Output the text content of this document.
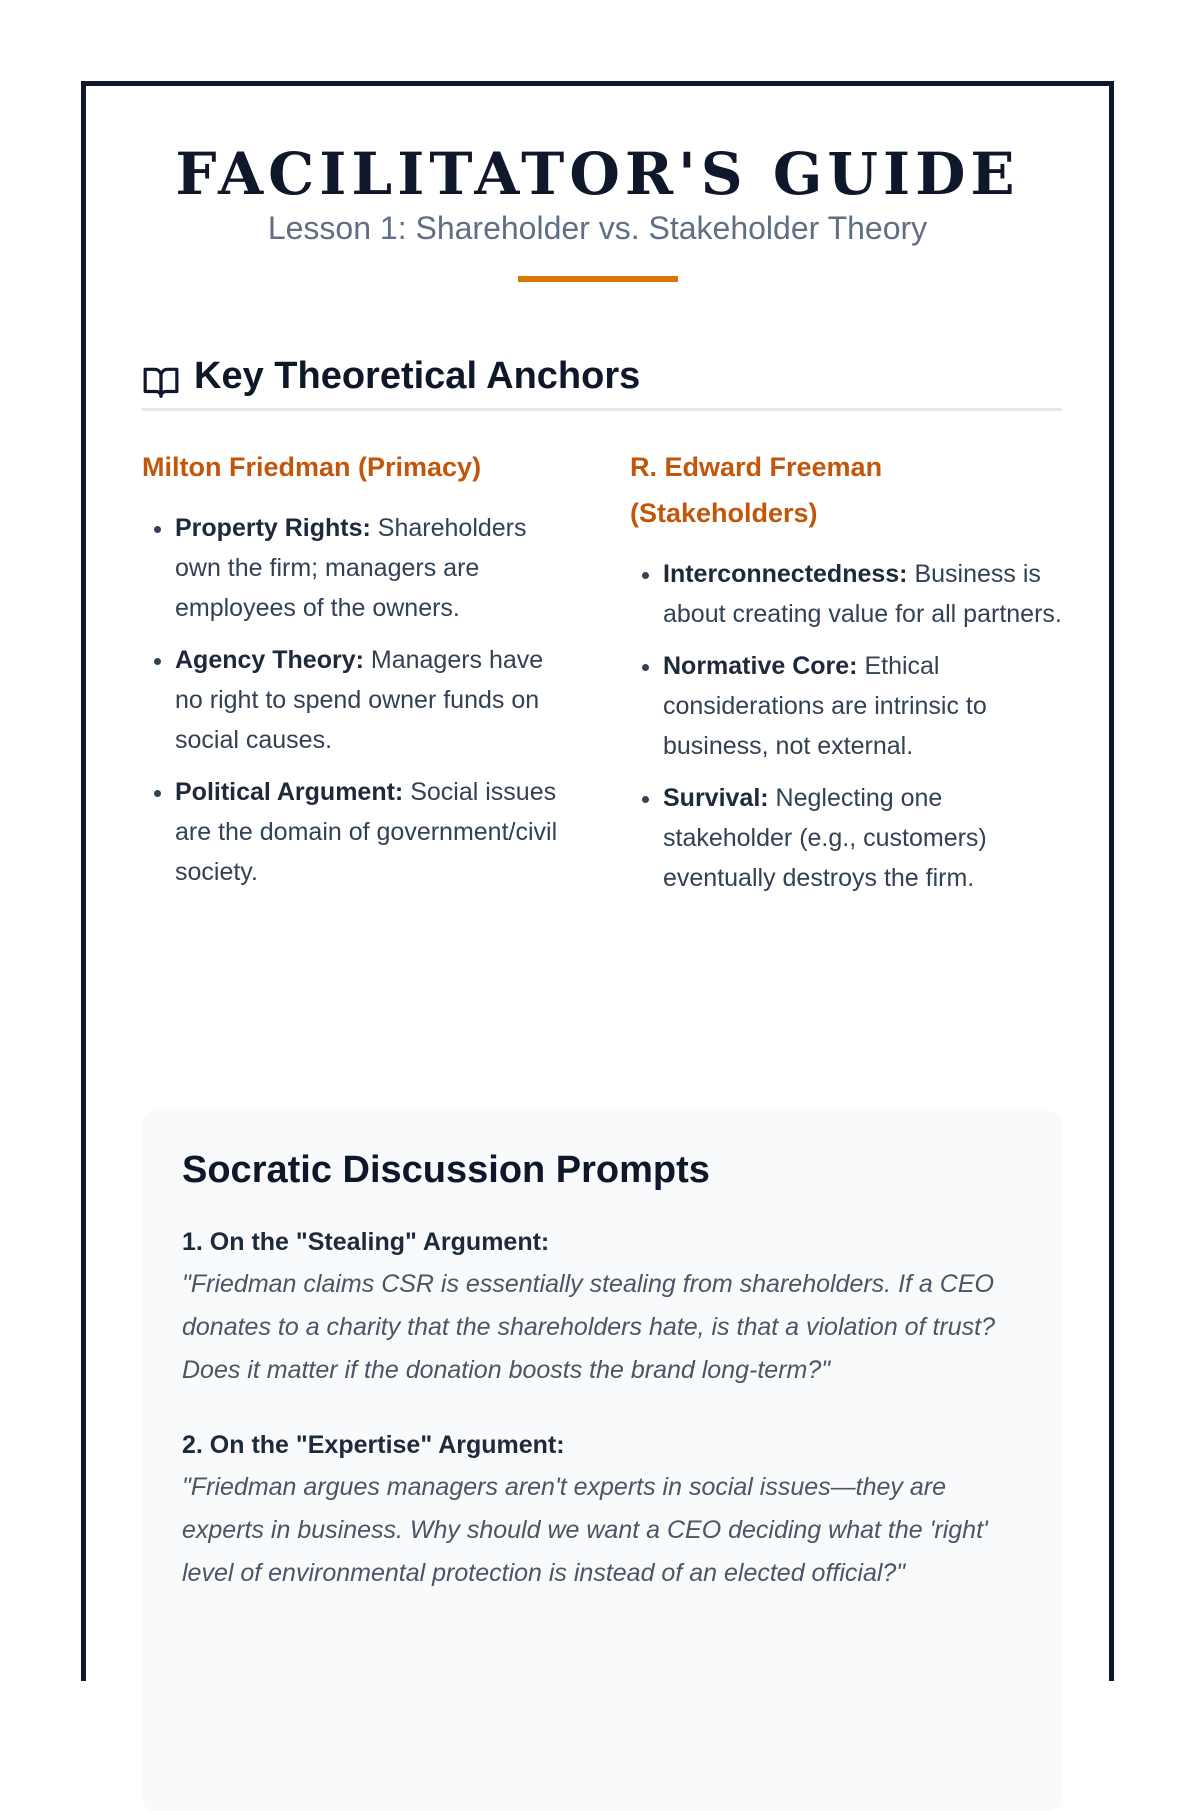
FACILITATOR'S GUIDE
Lesson 1: Shareholder vs. Stakeholder Theory
Key Theoretical Anchors
Milton Friedman (Primacy)
• Property Rights: Shareholders own the firm; managers are employees of the owners.
• Agency Theory: Managers have no right to spend owner funds on social causes.
• Political Argument: Social issues are the domain of government/civil society.
R. Edward Freeman (Stakeholders)
• Interconnectedness: Business is about creating value for all partners.
• Normative Core: Ethical considerations are intrinsic to business, not external.
• Survival: Neglecting one stakeholder (e.g., customers) eventually destroys the firm.
Socratic Discussion Prompts
1. On the "Stealing" Argument:
"Friedman claims CSR is essentially stealing from shareholders. If a CEO donates to a charity that the shareholders hate, is that a violation of trust? Does it matter if the donation boosts the brand long-term?"
2. On the "Expertise" Argument:
"Friedman argues managers aren't experts in social issues—they are experts in business. Why should we want a CEO deciding what the 'right' level of environmental protection is instead of an elected official?"
